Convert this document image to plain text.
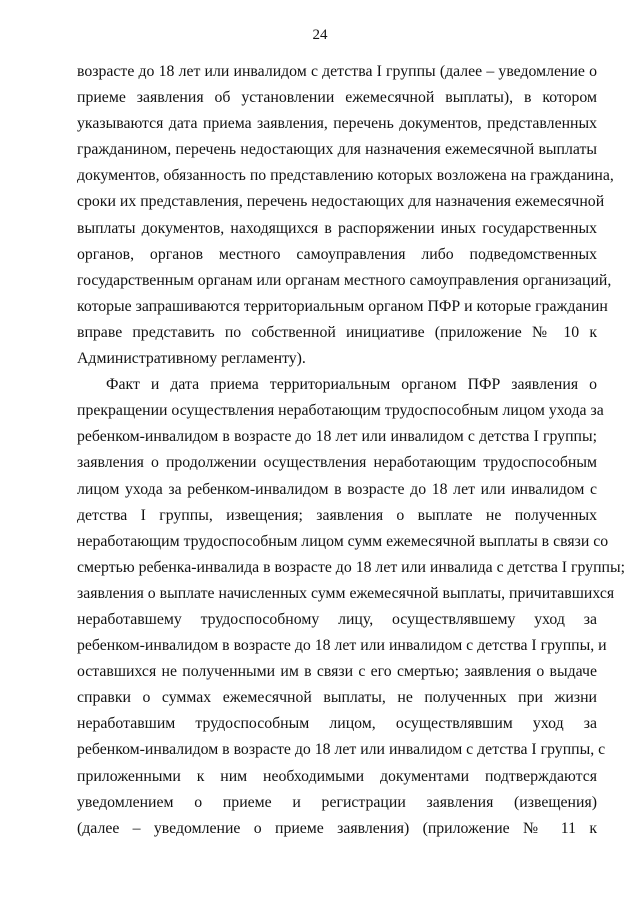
24
возрасте до 18 лет или инвалидом с детства I группы (далее – уведомление о
приеме заявления об установлении ежемесячной выплаты), в котором
указываются дата приема заявления, перечень документов, представленных
гражданином, перечень недостающих для назначения ежемесячной выплаты
документов, обязанность по представлению которых возложена на гражданина,
сроки их представления, перечень недостающих для назначения ежемесячной
выплаты документов, находящихся в распоряжении иных государственных
органов, органов местного самоуправления либо подведомственных
государственным органам или органам местного самоуправления организаций,
которые запрашиваются территориальным органом ПФР и которые гражданин
вправе представить по собственной инициативе (приложение № 10 к
Административному регламенту).
Факт и дата приема территориальным органом ПФР заявления о
прекращении осуществления неработающим трудоспособным лицом ухода за
ребенком-инвалидом в возрасте до 18 лет или инвалидом с детства I группы;
заявления о продолжении осуществления неработающим трудоспособным
лицом ухода за ребенком-инвалидом в возрасте до 18 лет или инвалидом с
детства I группы, извещения; заявления о выплате не полученных
неработающим трудоспособным лицом сумм ежемесячной выплаты в связи со
смертью ребенка-инвалида в возрасте до 18 лет или инвалида с детства I группы;
заявления о выплате начисленных сумм ежемесячной выплаты, причитавшихся
неработавшему трудоспособному лицу, осуществлявшему уход за
ребенком-инвалидом в возрасте до 18 лет или инвалидом с детства I группы, и
оставшихся не полученными им в связи с его смертью; заявления о выдаче
справки о суммах ежемесячной выплаты, не полученных при жизни
неработавшим трудоспособным лицом, осуществлявшим уход за
ребенком-инвалидом в возрасте до 18 лет или инвалидом с детства I группы, с
приложенными к ним необходимыми документами подтверждаются
уведомлением о приеме и регистрации заявления (извещения)
(далее – уведомление о приеме заявления) (приложение № 11 к
